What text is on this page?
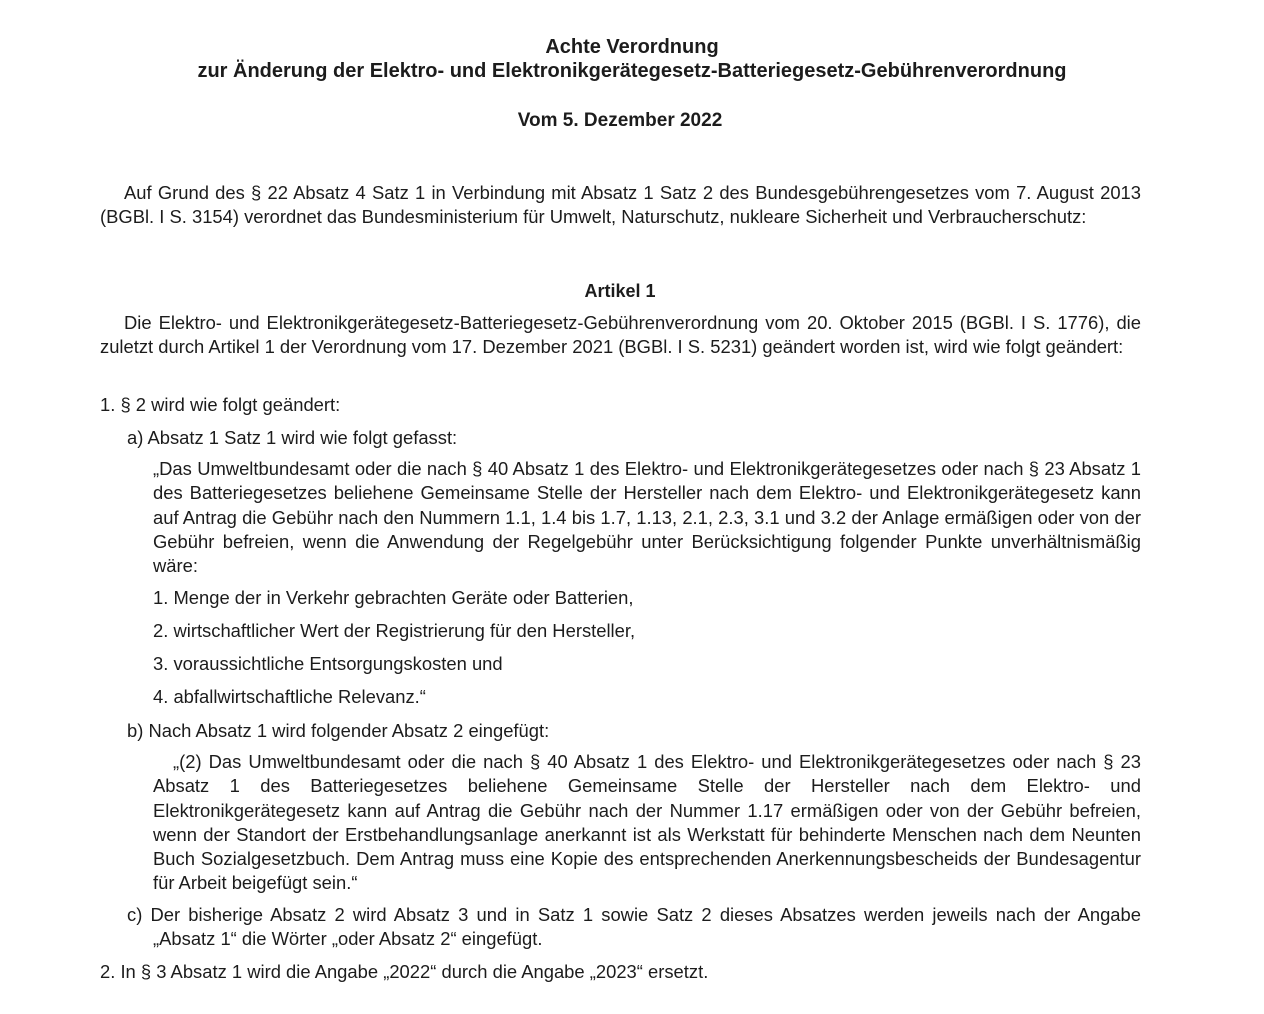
Achte Verordnung
zur Änderung der Elektro- und Elektronikgerätegesetz-Batteriegesetz-Gebührenverordnung
Vom 5. Dezember 2022

Auf Grund des § 22 Absatz 4 Satz 1 in Verbindung mit Absatz 1 Satz 2 des Bundesgebührengesetzes vom 7. August 2013 (BGBl. I S. 3154) verordnet das Bundesministerium für Umwelt, Naturschutz, nukleare Sicherheit und Verbraucherschutz:

Artikel 1

Die Elektro- und Elektronikgerätegesetz-Batteriegesetz-Gebührenverordnung vom 20. Oktober 2015 (BGBl. I S. 1776), die zuletzt durch Artikel 1 der Verordnung vom 17. Dezember 2021 (BGBl. I S. 5231) geändert worden ist, wird wie folgt geändert:

1. § 2 wird wie folgt geändert:

a) Absatz 1 Satz 1 wird wie folgt gefasst:

„Das Umweltbundesamt oder die nach § 40 Absatz 1 des Elektro- und Elektronikgerätegesetzes oder nach § 23 Absatz 1 des Batteriegesetzes beliehene Gemeinsame Stelle der Hersteller nach dem Elektro- und Elektronikgerätegesetz kann auf Antrag die Gebühr nach den Nummern 1.1, 1.4 bis 1.7, 1.13, 2.1, 2.3, 3.1 und 3.2 der Anlage ermäßigen oder von der Gebühr befreien, wenn die Anwendung der Regelgebühr unter Berücksichtigung folgender Punkte unverhältnismäßig wäre:

1. Menge der in Verkehr gebrachten Geräte oder Batterien,

2. wirtschaftlicher Wert der Registrierung für den Hersteller,

3. voraussichtliche Entsorgungskosten und

4. abfallwirtschaftliche Relevanz.“

b) Nach Absatz 1 wird folgender Absatz 2 eingefügt:

„(2) Das Umweltbundesamt oder die nach § 40 Absatz 1 des Elektro- und Elektronikgerätegesetzes oder nach § 23 Absatz 1 des Batteriegesetzes beliehene Gemeinsame Stelle der Hersteller nach dem Elektro- und Elektronikgerätegesetz kann auf Antrag die Gebühr nach der Nummer 1.17 ermäßigen oder von der Gebühr befreien, wenn der Standort der Erstbehandlungsanlage anerkannt ist als Werkstatt für behinderte Menschen nach dem Neunten Buch Sozialgesetzbuch. Dem Antrag muss eine Kopie des entsprechenden Anerkennungsbescheids der Bundesagentur für Arbeit beigefügt sein.“

c) Der bisherige Absatz 2 wird Absatz 3 und in Satz 1 sowie Satz 2 dieses Absatzes werden jeweils nach der Angabe „Absatz 1“ die Wörter „oder Absatz 2“ eingefügt.

2. In § 3 Absatz 1 wird die Angabe „2022“ durch die Angabe „2023“ ersetzt.
